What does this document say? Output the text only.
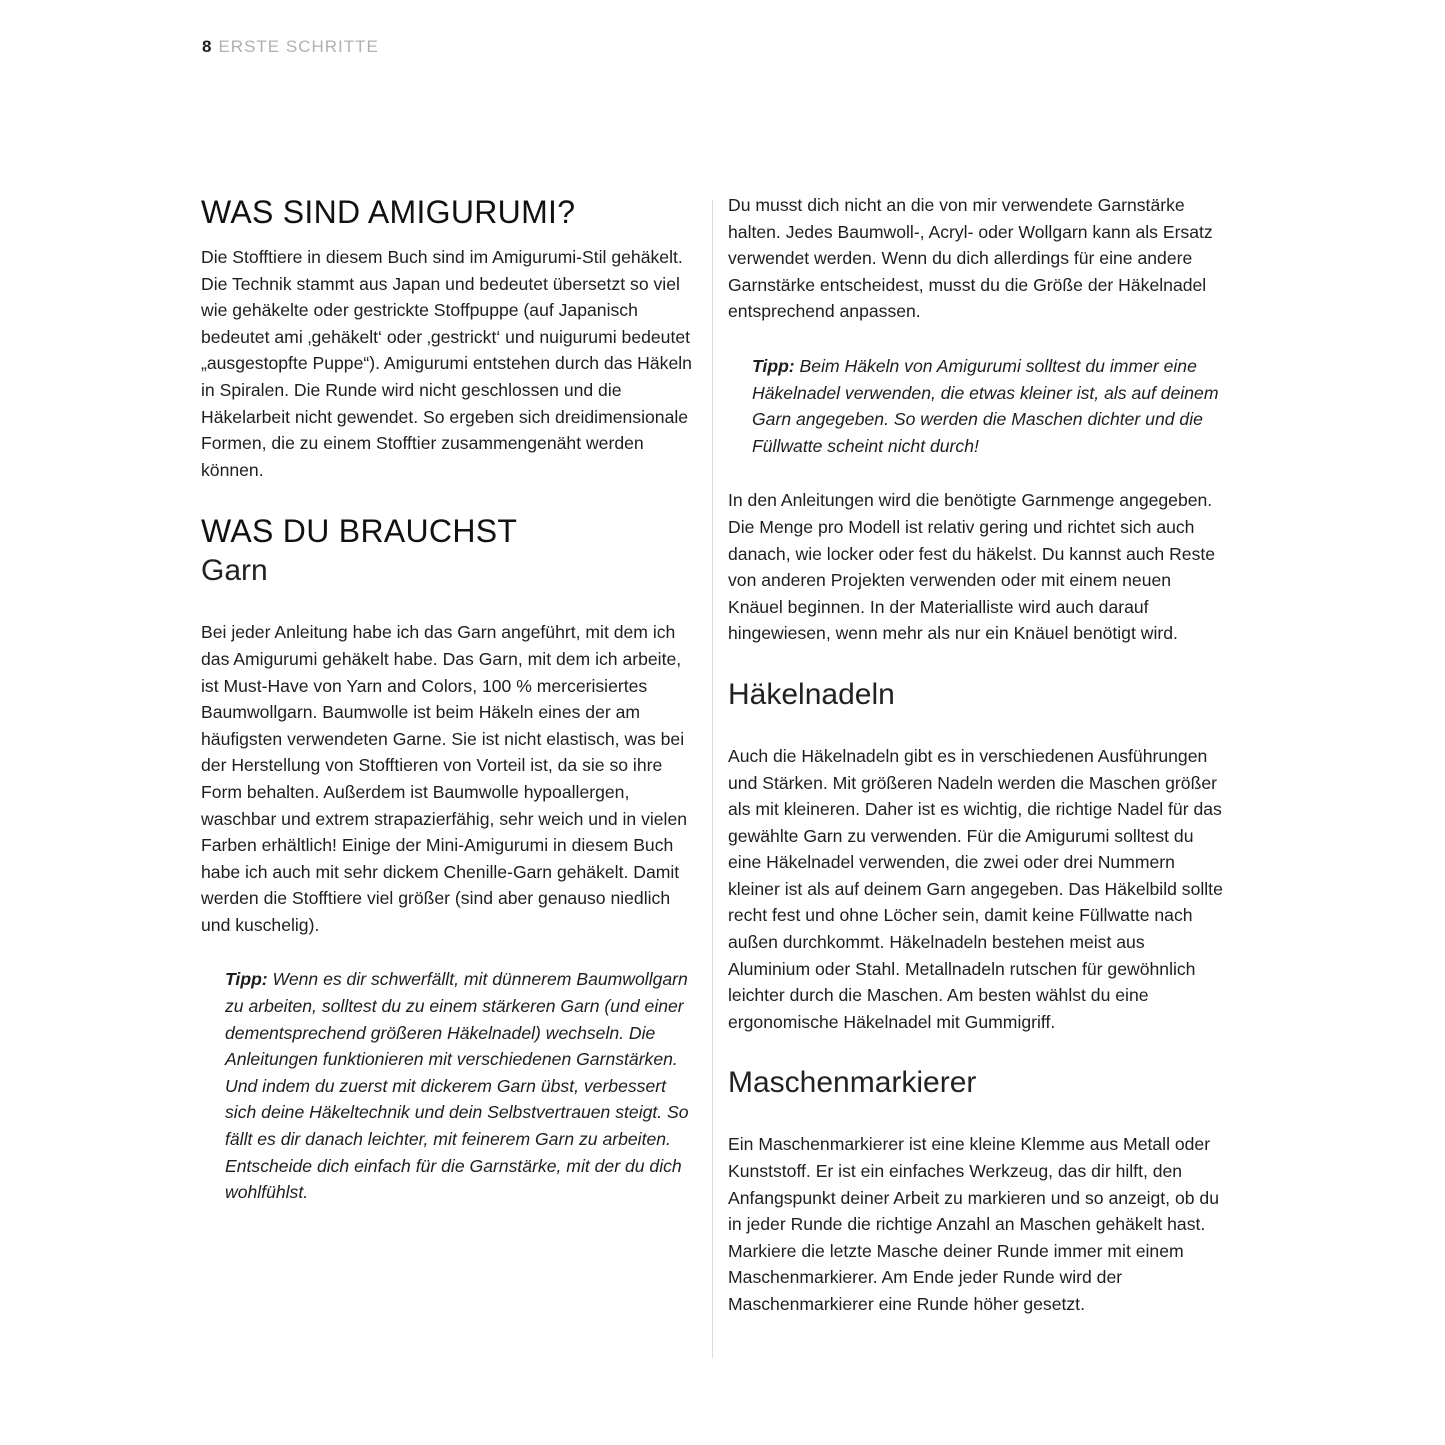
8 ERSTE SCHRITTE
WAS SIND AMIGURUMI?

Die Stofftiere in diesem Buch sind im Amigurumi-Stil gehäkelt. Die Technik stammt aus Japan und bedeutet übersetzt so viel wie gehäkelte oder gestrickte Stoffpuppe (auf Japanisch bedeutet ami ‚gehäkelt‘ oder ‚gestrickt‘ und nuigurumi bedeutet „ausgestopfte Puppe“). Amigurumi entstehen durch das Häkeln in Spiralen. Die Runde wird nicht geschlossen und die Häkelarbeit nicht gewendet. So ergeben sich dreidimensionale Formen, die zu einem Stofftier zusammengenäht werden können.

WAS DU BRAUCHST
Garn

Bei jeder Anleitung habe ich das Garn angeführt, mit dem ich das Amigurumi gehäkelt habe. Das Garn, mit dem ich arbeite, ist Must-Have von Yarn and Colors, 100 % mercerisiertes Baumwollgarn. Baumwolle ist beim Häkeln eines der am häufigsten verwendeten Garne. Sie ist nicht elastisch, was bei der Herstellung von Stofftieren von Vorteil ist, da sie so ihre Form behalten. Außerdem ist Baumwolle hypoallergen, waschbar und extrem strapazierfähig, sehr weich und in vielen Farben erhältlich! Einige der Mini-Amigurumi in diesem Buch habe ich auch mit sehr dickem Chenille-Garn gehäkelt. Damit werden die Stofftiere viel größer (sind aber genauso niedlich und kuschelig).

Tipp: Wenn es dir schwerfällt, mit dünnerem Baumwollgarn zu arbeiten, solltest du zu einem stärkeren Garn (und einer dementsprechend größeren Häkelnadel) wechseln. Die Anleitungen funktionieren mit verschiedenen Garnstärken. Und indem du zuerst mit dickerem Garn übst, verbessert sich deine Häkeltechnik und dein Selbstvertrauen steigt. So fällt es dir danach leichter, mit feinerem Garn zu arbeiten. Entscheide dich einfach für die Garnstärke, mit der du dich wohlfühlst.

Du musst dich nicht an die von mir verwendete Garnstärke halten. Jedes Baumwoll-, Acryl- oder Wollgarn kann als Ersatz verwendet werden. Wenn du dich allerdings für eine andere Garnstärke entscheidest, musst du die Größe der Häkelnadel entsprechend anpassen.

Tipp: Beim Häkeln von Amigurumi solltest du immer eine Häkelnadel verwenden, die etwas kleiner ist, als auf deinem Garn angegeben. So werden die Maschen dichter und die Füllwatte scheint nicht durch!

In den Anleitungen wird die benötigte Garnmenge angegeben. Die Menge pro Modell ist relativ gering und richtet sich auch danach, wie locker oder fest du häkelst. Du kannst auch Reste von anderen Projekten verwenden oder mit einem neuen Knäuel beginnen. In der Materialliste wird auch darauf hingewiesen, wenn mehr als nur ein Knäuel benötigt wird.

Häkelnadeln

Auch die Häkelnadeln gibt es in verschiedenen Ausführungen und Stärken. Mit größeren Nadeln werden die Maschen größer als mit kleineren. Daher ist es wichtig, die richtige Nadel für das gewählte Garn zu verwenden. Für die Amigurumi solltest du eine Häkelnadel verwenden, die zwei oder drei Nummern kleiner ist als auf deinem Garn angegeben. Das Häkelbild sollte recht fest und ohne Löcher sein, damit keine Füllwatte nach außen durchkommt. Häkelnadeln bestehen meist aus Aluminium oder Stahl. Metallnadeln rutschen für gewöhnlich leichter durch die Maschen. Am besten wählst du eine ergonomische Häkelnadel mit Gummigriff.

Maschenmarkierer

Ein Maschenmarkierer ist eine kleine Klemme aus Metall oder Kunststoff. Er ist ein einfaches Werkzeug, das dir hilft, den Anfangspunkt deiner Arbeit zu markieren und so anzeigt, ob du in jeder Runde die richtige Anzahl an Maschen gehäkelt hast. Markiere die letzte Masche deiner Runde immer mit einem Maschenmarkierer. Am Ende jeder Runde wird der Maschenmarkierer eine Runde höher gesetzt.
